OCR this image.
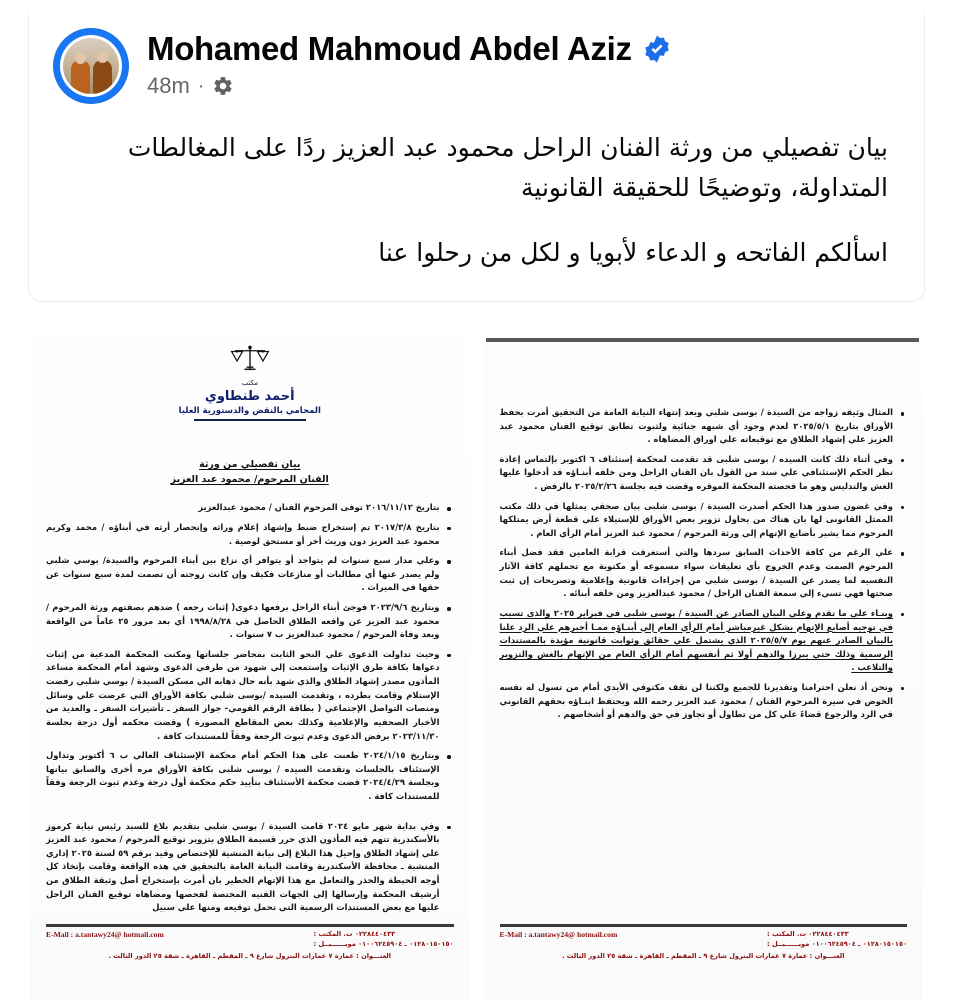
Mohamed Mahmoud Abdel Aziz
48m ·

بيان تفصيلي من ورثة الفنان الراحل محمود عبد العزيز ردًا على المغالطات المتداولة، وتوضيحًا للحقيقة القانونية

اسألكم الفاتحه و الدعاء لأبويا و لكل من رحلوا عنا

مكتب
أحمد طنطاوي
المحامي بالنقض والدستورية العليا
بيان تفصيلي من ورثة
الفنان المرحوم/ محمود عبد العزيز
بتاريخ ٢٠١٦/١١/١٢ توفى المرحوم الفنان / محمود عبدالعزيز
بتاريخ ٢٠١٧/٣/٨ تم إستخراج ضبط وإشهاد إعلام وراثه وإنحصار أرثه في أبناؤه / محمد وكريم محمود عبد العزيز دون وريث أخر أو مستحق لوصية .
وعلي مدار سبع سنوات لم يتواجد أو يتوافر أي نزاع بين أبناء المرحوم والسيدة/ بوسي شلبي ولم يصدر عنها أي مطالبات أو منازعات فكيف وإن كانت زوجته أن تصمت لمدة سبع سنوات عن حقها في الميراث .
وبتاريخ ٢٠٢٣/٩/٦ فوجئ أبناء الراحل برفعها دعوى( إثبات رجعه ) ضدهم بصفتهم ورثة المرحوم / محمود عبد العزيز عن واقعه الطلاق الحاصل في ١٩٩٨/٨/٢٨ أي بعد مرور ٢٥ عاماً من الواقعة وبعد وفاة المرحوم / محمود عبدالعزيز ب ٧ سنوات .
وحيث تداولت الدعوى علي النحو الثابت بمحاضر جلساتها ومكنت المحكمة المدعية من إثبات دعواها بكافة طرق الإثبات وإستمعت إلي شهود من طرفي الدعوى وشهد أمام المحكمة مساعد المأذون مصدر إشهاد الطلاق والذي شهد بأنه حال ذهابه الي مسكن السيدة / بوسي شلبي رفضت الإستلام وقامت بطرده ، وتقدمت السيده /بوسى شلبي بكافة الأوراق التي عرضت علي وسائل ومنصات التواصل الإجتماعي ( بطاقة الرقم القومي- جواز السفر ـ تأشيرات السفر ـ والعديد من الأخبار الصحفيه والإعلامية وكذلك بعض المقاطع المصورة ) وقضت محكمه أول درجة بجلسة ٢٠٢٣/١١/٣٠ برفض الدعوى وعدم ثبوت الرجعة وفقاً للمستندات كافة .
وبتاريخ ٢٠٢٤/١/١٥ طعنت على هذا الحكم أمام محكمة الإستئناف العالي ب ٦ أكتوبر وتداول الإستئناف بالجلسات وتقدمت السيده / بوسى شلبى بكافة الأوراق مره أخرى والسابق بيانها وبجلسة ٢٠٢٤/٤/٢٩ قضت محكمة الأستئناف بتأييد حكم محكمة أول درجة وعدم ثبوت الرجعة وفقاً للمستندات كافة .
وفي بداية شهر مايو ٢٠٢٤ قامت السيدة / بوسي شلبي بتقديم بلاغ للسيد رئيس نيابة كرموز بالأسكندرية تتهم فيه المأذون الذي حرر قسيمة الطلاق بتزوير توقيع المرحوم / محمود عبد العزيز علي إشهاد الطلاق وإحيل هذا البلاغ إلى نيابة المنشية للإختصاص وقيد برقم ٥٩ لسنة ٢٠٢٥ إداري المنشية ـ محافظة الأسكندرية وقامت النيابة العامة بالتحقيق في هذه الواقعة وقامت بإتخاذ كل أوجه الحيطة والحذر والتعامل مع هذا الإتهام الخطير بان أمرت بإستخراج أصل وثيقة الطلاق من أرشيف المحكمة وإرسالها إلي الجهات الفنيه المختصة لفحصها ومضاهاه توقيع الفنان الراحل عليها مع بعض المستندات الرسمية التي تحمل توقيعه ومنها علي سبيل
E-Mail : a.tantawy24@ hotmail.com	٠٢٢٨٤٤٠٤٣٣ ت. المكتب :
٠١٢٨٠١٥٠١٥٠ ـ ٠١٠٠٦٢٤٥٩٠٤ موبــــــيــل :
العنـــوان : عمارة ٧ عمارات البترول شارع ٩ ـ المقطم ـ القاهرة ـ شقة ٢٥ الدور الثالث .
المثال وثيقه زواجه من السيدة / بوسى شلبي وبعد إنتهاء النيابة العامة من التحقيق أمرت بحفظ الأوراق بتاريخ ٢٠٢٥/٥/١ لعدم وجود أي شبهه جنائية ولثبوت تطابق توقيع الفنان محمود عبد العزيز علي إشهاد الطلاق مع توقيعاته علي اوراق المضاهاه .
وفي أثناء ذلك كانت السيده / بوسى شلبى قد تقدمت لمحكمة إستئناف ٦ اكتوبر بإلتماس إعادة نظر الحكم الإستئنافي علي سند من القول بان الفنان الراحل ومن خلفه أبنـاؤه قد أدخلوا عليها الغش والتدليس وهو ما فحصته المحكمة الموقره وقضت فيه بجلسة ٢٠٢٥/٢/٢٦ بالرفض .
وفي غضون صدور هذا الحكم أصدرت السيدة / بوسى شلبى بيان صحفي يمثلها في ذلك مكتب الممثل القانونى لها بان هناك من يحاول تزوير بعض الأوراق للإستيلاء علي قطعة أرض يمتلكها المرحوم مما يشير بأصابع الإتهام إلي ورثة المرحوم / محمود عبد العزيز أمام الرأي العام .
علي الرغم من كافة الأحداث السابق سردها والتي أستغرقت قرابة العامين فقد فضل أبناء المرحوم الصمت وعدم الخروج بأي تعليقات سواء مسموعه أو مكتوبة مع تحملهم كافة الآثار النفسيه لما يصدر عن السيدة / بوسى شلبي من إجراءات قانونية وإعلامية وتصريحات إن ثبت صحتها فهي تسيء إلي سمعة الفنان الراحل / محمود عبدالعزيز ومن خلفه أبنائه .
وبنـاء علي ما تقدم وعلي البيان الصادر عن السيدة / بوسى شلبى في فبراير ٢٠٢٥ والذى تسبب في توجيه أصابع الإتهام بشكل غيرمباشر أمام الرأي العام إلي أبنـاؤه ممـا أجبرهم علي الرد علنا بالبيان الصادر عنهم يوم ٢٠٢٥/٥/٧ الذي يشتمل علي حقائق وثوابت قانونية مؤيدة بالمستندات الرسمية وذلك حتي يبرزا والدهم أولا ثم أنفسهم أمام الرأي العام من الإتهام بالغش والتزوير والتلاعب .
ونحن أذ نعلن احترامنا وتقديرنا للجميع ولكننا لن نقف مكتوفي الأيدي أمام من تسول له نفسه الخوض في سيرة المرحوم الفنان / محمود عبد العزيز رحمه الله ويحتفظ ابنـاؤه بحقهم القانوني في الرد والرجوع قضاءً علي كل من تطاول أو تجاوز في حق والدهم أو أشخاصهم .
E-Mail : a.tantawy24@ hotmail.com	٠٢٢٨٤٤٠٤٣٣ ت. المكتب :
٠١٢٨٠١٥٠١٥٠ ـ ٠١٠٠٦٢٤٥٩٠٤ موبــــــيــل :
العنـــوان : عمارة ٧ عمارات البترول شارع ٩ ـ المقطم ـ القاهرة ـ شقة ٢٥ الدور الثالث .
